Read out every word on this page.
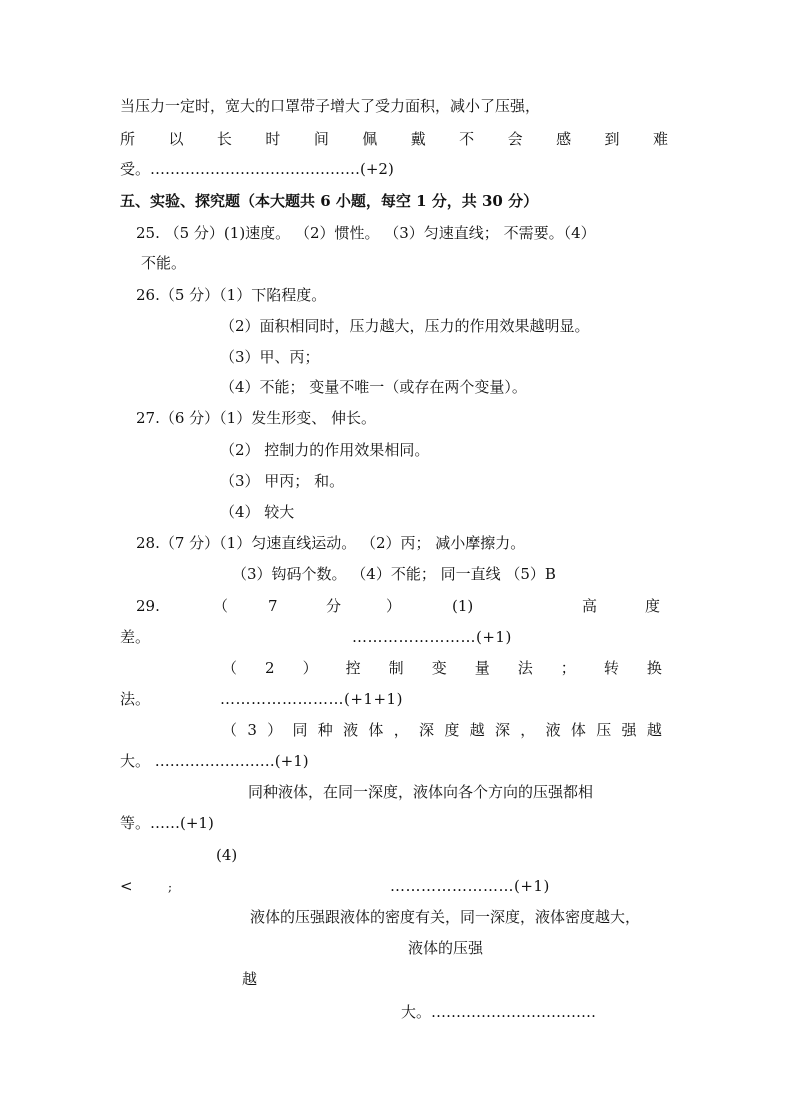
当压力一定时，宽大的口罩带子增大了受力面积，减小了压强，
所 以 长 时 间 佩 戴 不 会 感 到 难
受。……………………………………(+2)
五、实验、探究题（本大题共 6 小题，每空 1 分，共 30 分）
25. （5 分）(1)速度。 （2）惯性。 （3）匀速直线； 不需要。（4）
不能。
26.（5 分）（1）下陷程度。
（2）面积相同时，压力越大，压力的作用效果越明显。
（3）甲、丙；
（4）不能； 变量不唯一（或存在两个变量）。
27.（6 分）（1）发生形变、 伸长。
（2） 控制力的作用效果相同。
（3） 甲丙； 和。
（4） 较大
28.（7 分）（1）匀速直线运动。 （2）丙； 减小摩擦力。
（3）钩码个数。 （4）不能； 同一直线 （5）B
29.	（	7	分	）	(1)	高	度
差。	……………………(+1)
（ 2 ） 控 制 变 量 法 ； 转 换
法。	……………………(+1+1)
（ 3 ） 同 种 液 体 ， 深 度 越 深 ， 液 体 压 强 越
大。 ……………………(+1)
同种液体，在同一深度，液体向各个方向的压强都相
等。……(+1)
(4)
<	;	……………………(+1)
液体的压强跟液体的密度有关，同一深度，液体密度越大，
液体的压强
越
大。……………………………
